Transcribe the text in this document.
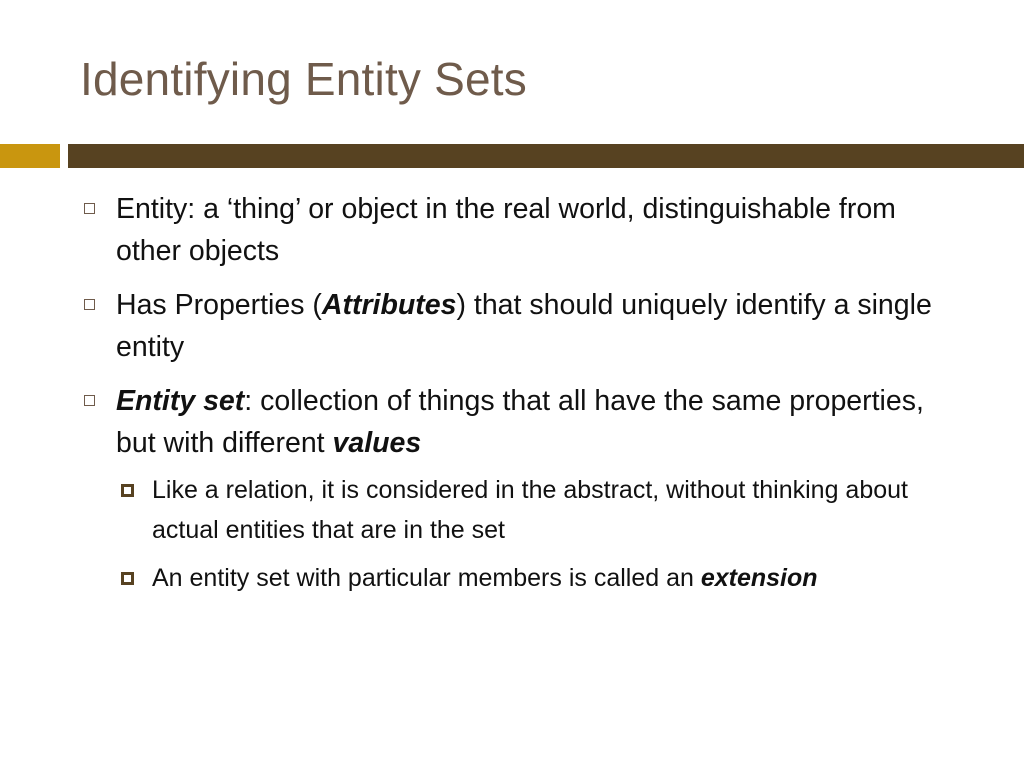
Identifying Entity Sets
Entity: a ‘thing’ or object in the real world, distinguishable from other objects
Has Properties (Attributes) that should uniquely identify a single entity
Entity set: collection of things that all have the same properties, but with different values
Like a relation, it is considered in the abstract, without thinking about actual entities that are in the set
An entity set with particular members is called an extension
